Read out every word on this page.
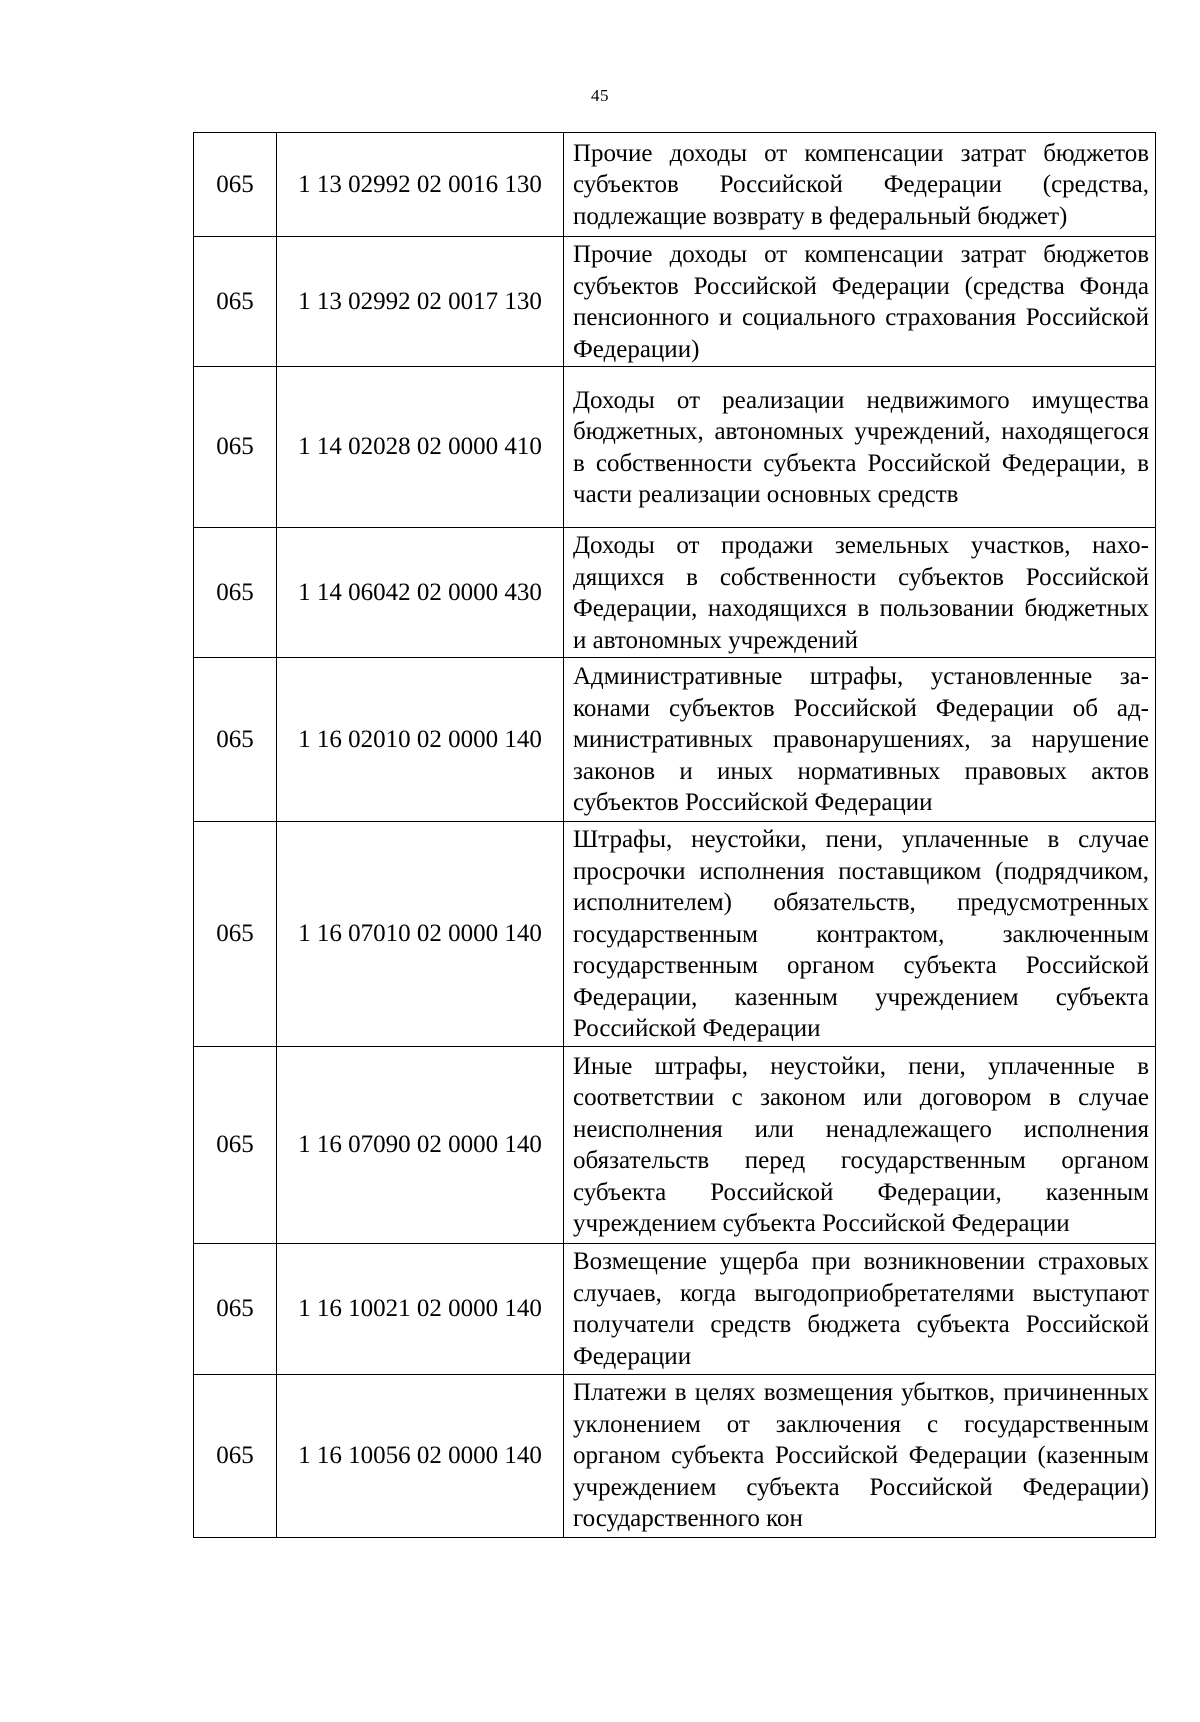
45
065	1 13 02992 02 0016 130	Прочие доходы от компенсации затрат бюджетов субъектов Российской Федерации (средства, подлежащие возврату в федеральный бюджет)
065	1 13 02992 02 0017 130	Прочие доходы от компенсации затрат бюджетов субъектов Российской Федерации (средства Фонда пенсионного и социального страхования Российской Федерации)
065	1 14 02028 02 0000 410	Доходы от реализации недвижимого имущества бюджетных, автономных учреждений, находящегося в собственности субъекта Российской Федерации, в части реализации основных средств
065	1 14 06042 02 0000 430	Доходы от продажи земельных участков, находящихся в собственности субъектов Российской Федерации, находящихся в пользовании бюджетных и автономных учреждений
065	1 16 02010 02 0000 140	Административные штрафы, установленные законами субъектов Российской Федерации об административных правонарушениях, за нарушение законов и иных нормативных правовых актов субъектов Российской Федерации
065	1 16 07010 02 0000 140	Штрафы, неустойки, пени, уплаченные в случае просрочки исполнения поставщиком (подрядчиком, исполнителем) обязательств, предусмотренных государственным контрактом, заключенным государственным органом субъекта Российской Федерации, казенным учреждением субъекта Российской Федерации
065	1 16 07090 02 0000 140	Иные штрафы, неустойки, пени, уплаченные в соответствии с законом или договором в случае неисполнения или ненадлежащего исполнения обязательств перед государственным органом субъекта Российской Федерации, казенным учреждением субъекта Российской Федерации
065	1 16 10021 02 0000 140	Возмещение ущерба при возникновении страховых случаев, когда выгодоприобретателями выступают получатели средств бюджета субъекта Российской Федерации
065	1 16 10056 02 0000 140	Платежи в целях возмещения убытков, причиненных уклонением от заключения с государственным органом субъекта Российской Федерации (казенным учреждением субъекта Российской Федерации) государственного кон
